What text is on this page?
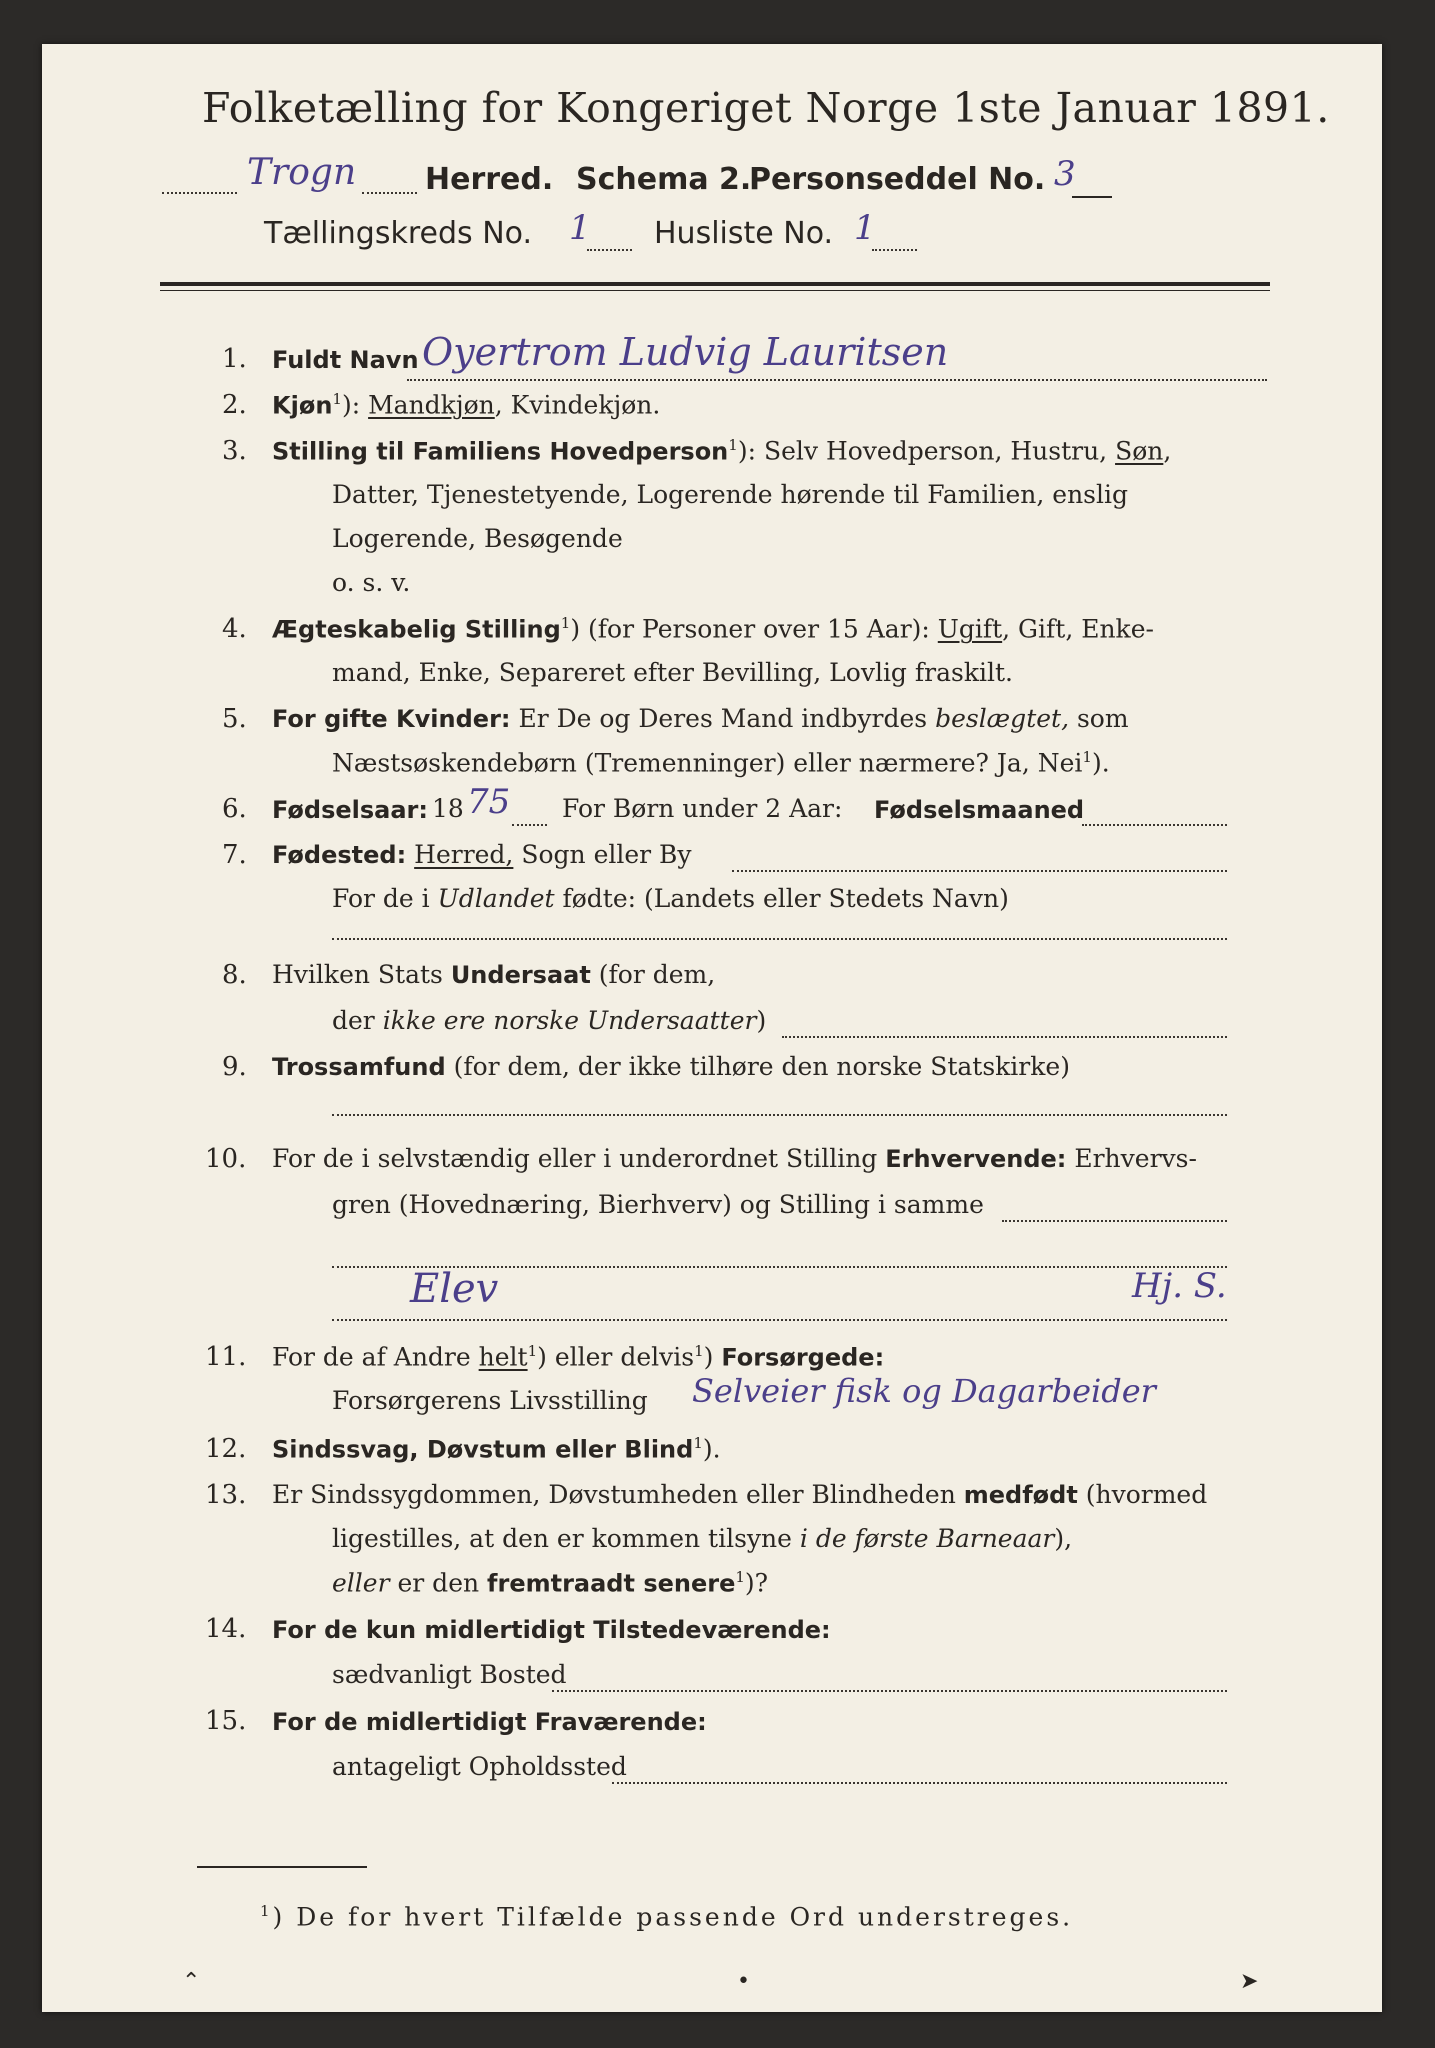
Folketælling for Kongeriget Norge 1ste Januar 1891.
Trogn Herred. Schema 2.
Personseddel No. 3
Tællingskreds No. 1 Husliste No. 1
1. Fuldt Navn Oyertrom Ludvig Lauritsen
2. Kjøn$^1$): Mandkjøn, Kvindekjøn.
3. Stilling til Familiens Hovedperson$^1$): Selv Hovedperson, Hustru, Søn,
Datter, Tjenestetyende, Logerende hørende til Familien, enslig
Logerende, Besøgende
o. s. v.
4. Ægteskabelig Stilling$^1$) (for Personer over 15 Aar): Ugift, Gift, Enke-
mand, Enke, Separeret efter Bevilling, Lovlig fraskilt.
5. For gifte Kvinder: Er De og Deres Mand indbyrdes beslægtet, som
Næstsøskendebørn (Tremenninger) eller nærmere? Ja, Nei$^1$).
6. Fødselsaar: 18 75 For Børn under 2 Aar: Fødselsmaaned
7. Fødested: Herred, Sogn eller By
For de i Udlandet fødte: (Landets eller Stedets Navn)
8. Hvilken Stats Undersaat (for dem,
der ikke ere norske Undersaatter)
9. Trossamfund (for dem, der ikke tilhøre den norske Statskirke)
10. For de i selvstændig eller i underordnet Stilling Erhvervende: Erhvervs-
gren (Hovednæring, Bierhverv) og Stilling i samme
Elev	Hj. S.
11. For de af Andre helt$^1$) eller delvis$^1$) Forsørgede:
Forsørgerens Livsstilling Selveier fisk og Dagarbeider
12. Sindssvag, Døvstum eller Blind$^1$).
13. Er Sindssygdommen, Døvstumheden eller Blindheden medfødt (hvormed
ligestilles, at den er kommen tilsyne i de første Barneaar),
eller er den fremtraadt senere$^1$)?
14. For de kun midlertidigt Tilstedeværende:
sædvanligt Bosted
15. For de midlertidigt Fraværende:
antageligt Opholdssted
$^1$) De for hvert Tilfælde passende Ord understreges.
⌃	•	➤
